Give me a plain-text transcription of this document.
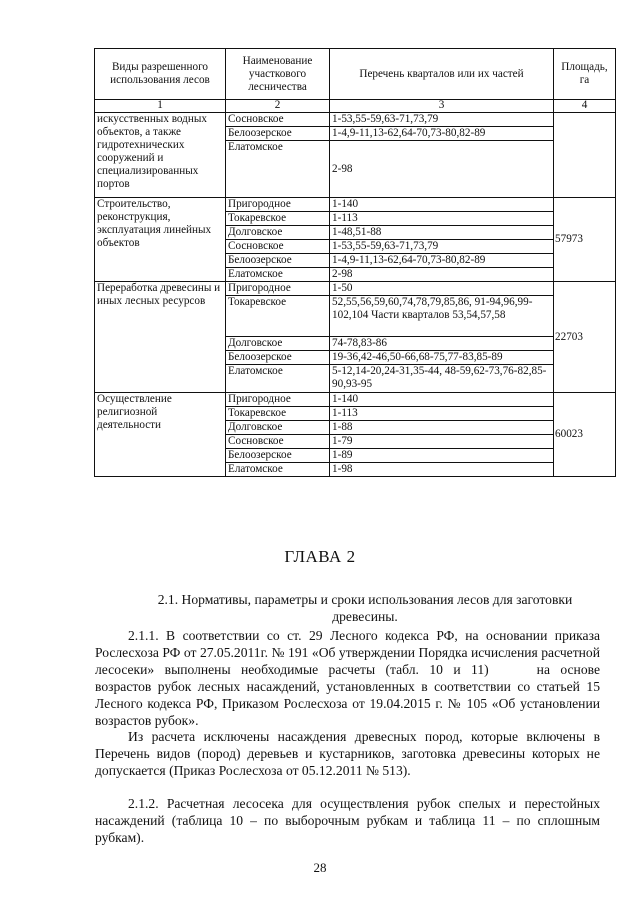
Виды разрешенного использования лесов	Наименование участкового лесничества	Перечень кварталов или их частей	Площадь, га
1	2	3	4
искусственных водных объектов, а также гидротехнических сооружений и специализированных портов	Сосновское	1-53,55-59,63-71,73,79	
	Белоозерское	1-4,9-11,13-62,64-70,73-80,82-89	
	Елатомское	2-98	
Строительство, реконструкция, эксплуатация линейных объектов	Пригородное	1-140	57973
	Токаревское	1-113	
	Долговское	1-48,51-88	
	Сосновское	1-53,55-59,63-71,73,79	
	Белоозерское	1-4,9-11,13-62,64-70,73-80,82-89	
	Елатомское	2-98	
Переработка древесины и иных лесных ресурсов	Пригородное	1-50	22703
	Токаревское	52,55,56,59,60,74,78,79,85,86, 91-94,96,99-102,104 Части кварталов 53,54,57,58	
	Долговское	74-78,83-86	
	Белоозерское	19-36,42-46,50-66,68-75,77-83,85-89	
	Елатомское	5-12,14-20,24-31,35-44, 48-59,62-73,76-82,85-90,93-95	
Осуществление религиозной деятельности	Пригородное	1-140	60023
	Токаревское	1-113	
	Долговское	1-88	
	Сосновское	1-79	
	Белоозерское	1-89	
	Елатомское	1-98	
ГЛАВА 2
2.1. Нормативы, параметры и сроки использования лесов для заготовки древесины.
2.1.1. В соответствии со ст. 29 Лесного кодекса РФ, на основании приказа Рослесхоза РФ от 27.05.2011г. № 191 «Об утверждении Порядка исчисления расчетной лесосеки» выполнены необходимые расчеты (табл. 10 и 11)	на основе возрастов рубок лесных насаждений, установленных в соответствии со статьей 15 Лесного кодекса РФ, Приказом Рослесхоза от 19.04.2015 г. № 105 «Об установлении возрастов рубок».
Из расчета исключены насаждения древесных пород, которые включены в Перечень видов (пород) деревьев и кустарников, заготовка древесины которых не допускается (Приказ Рослесхоза от 05.12.2011 № 513).
2.1.2. Расчетная лесосека для осуществления рубок спелых и перестойных насаждений (таблица 10 – по выборочным рубкам и таблица 11 – по сплошным рубкам).
28
